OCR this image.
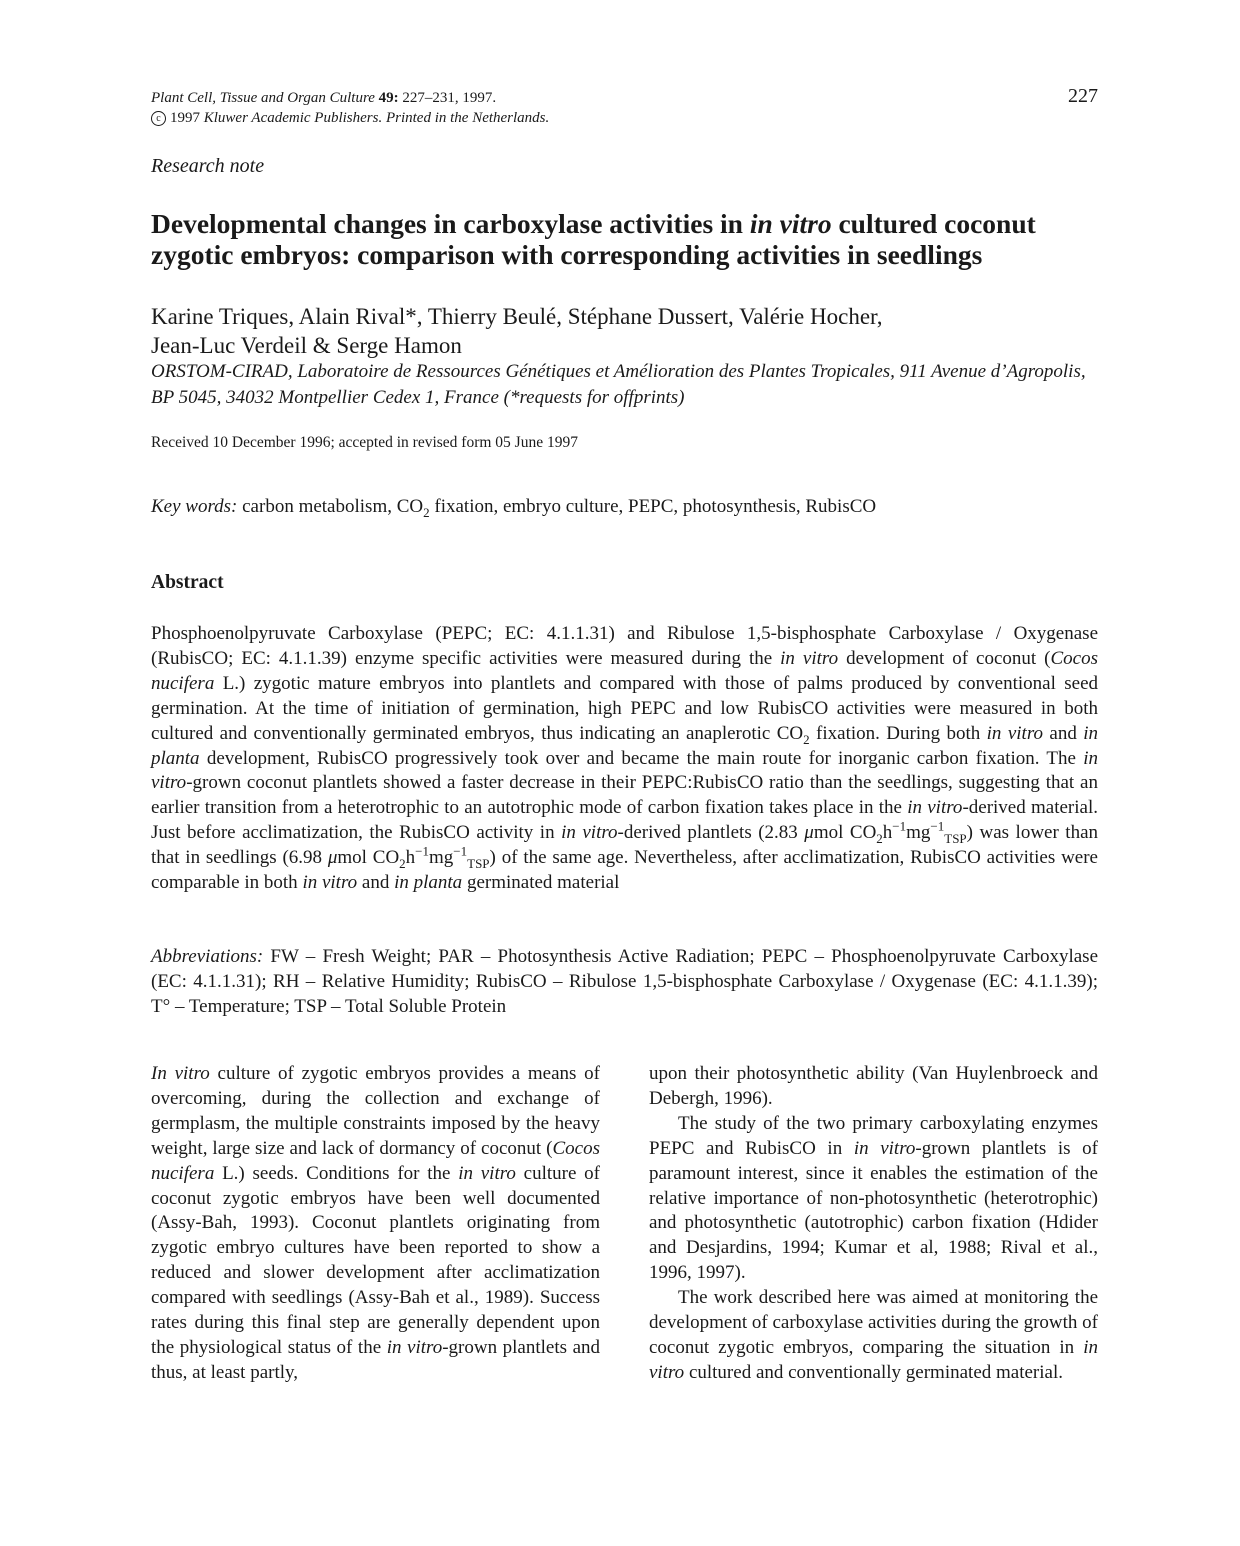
Plant Cell, Tissue and Organ Culture 49: 227–231, 1997.
c 1997 Kluwer Academic Publishers. Printed in the Netherlands.
227
Research note
Developmental changes in carboxylase activities in in vitro cultured coconut zygotic embryos: comparison with corresponding activities in seedlings
Karine Triques, Alain Rival*, Thierry Beulé, Stéphane Dussert, Valérie Hocher,
Jean-Luc Verdeil & Serge Hamon
ORSTOM-CIRAD, Laboratoire de Ressources Génétiques et Amélioration des Plantes Tropicales, 911 Avenue d’Agropolis, BP 5045, 34032 Montpellier Cedex 1, France (*requests for offprints)
Received 10 December 1996; accepted in revised form 05 June 1997
Key words: carbon metabolism, $CO_2$ fixation, embryo culture, PEPC, photosynthesis, RubisCO
Abstract
Phosphoenolpyruvate Carboxylase (PEPC; EC: 4.1.1.31) and Ribulose 1,5-bisphosphate Carboxylase / Oxygenase (RubisCO; EC: 4.1.1.39) enzyme specific activities were measured during the in vitro development of coconut (Cocos nucifera L.) zygotic mature embryos into plantlets and compared with those of palms produced by conventional seed germination. At the time of initiation of germination, high PEPC and low RubisCO activities were measured in both cultured and conventionally germinated embryos, thus indicating an anaplerotic $CO_2$ fixation. During both in vitro and in planta development, RubisCO progressively took over and became the main route for inorganic carbon fixation. The in vitro-grown coconut plantlets showed a faster decrease in their PEPC:RubisCO ratio than the seedlings, suggesting that an earlier transition from a heterotrophic to an autotrophic mode of carbon fixation takes place in the in vitro-derived material. Just before acclimatization, the RubisCO activity in in vitro-derived plantlets (2.83 μmol $CO_2h^{-1}mg^{-1}_{TSP}$) was lower than that in seedlings (6.98 μmol $CO_2h^{-1}mg^{-1}_{TSP}$) of the same age. Nevertheless, after acclimatization, RubisCO activities were comparable in both in vitro and in planta germinated material
Abbreviations: FW – Fresh Weight; PAR – Photosynthesis Active Radiation; PEPC – Phosphoenolpyruvate Carboxylase (EC: 4.1.1.31); RH – Relative Humidity; RubisCO – Ribulose 1,5-bisphosphate Carboxylase / Oxygenase (EC: 4.1.1.39); T° – Temperature; TSP – Total Soluble Protein

In vitro culture of zygotic embryos provides a means of overcoming, during the collection and exchange of germplasm, the multiple constraints imposed by the heavy weight, large size and lack of dormancy of coconut (Cocos nucifera L.) seeds. Conditions for the in vitro culture of coconut zygotic embryos have been well documented (Assy-Bah, 1993). Coconut plantlets originating from zygotic embryo cultures have been reported to show a reduced and slower development after acclimatization compared with seedlings (Assy-Bah et al., 1989). Success rates during this final step are generally dependent upon the physiological status of the in vitro-grown plantlets and thus, at least partly,

upon their photosynthetic ability (Van Huylenbroeck and Debergh, 1996).

The study of the two primary carboxylating enzymes PEPC and RubisCO in in vitro-grown plantlets is of paramount interest, since it enables the estimation of the relative importance of non-photosynthetic (heterotrophic) and photosynthetic (autotrophic) carbon fixation (Hdider and Desjardins, 1994; Kumar et al, 1988; Rival et al., 1996, 1997).

The work described here was aimed at monitoring the development of carboxylase activities during the growth of coconut zygotic embryos, comparing the situation in in vitro cultured and conventionally germinated material.
